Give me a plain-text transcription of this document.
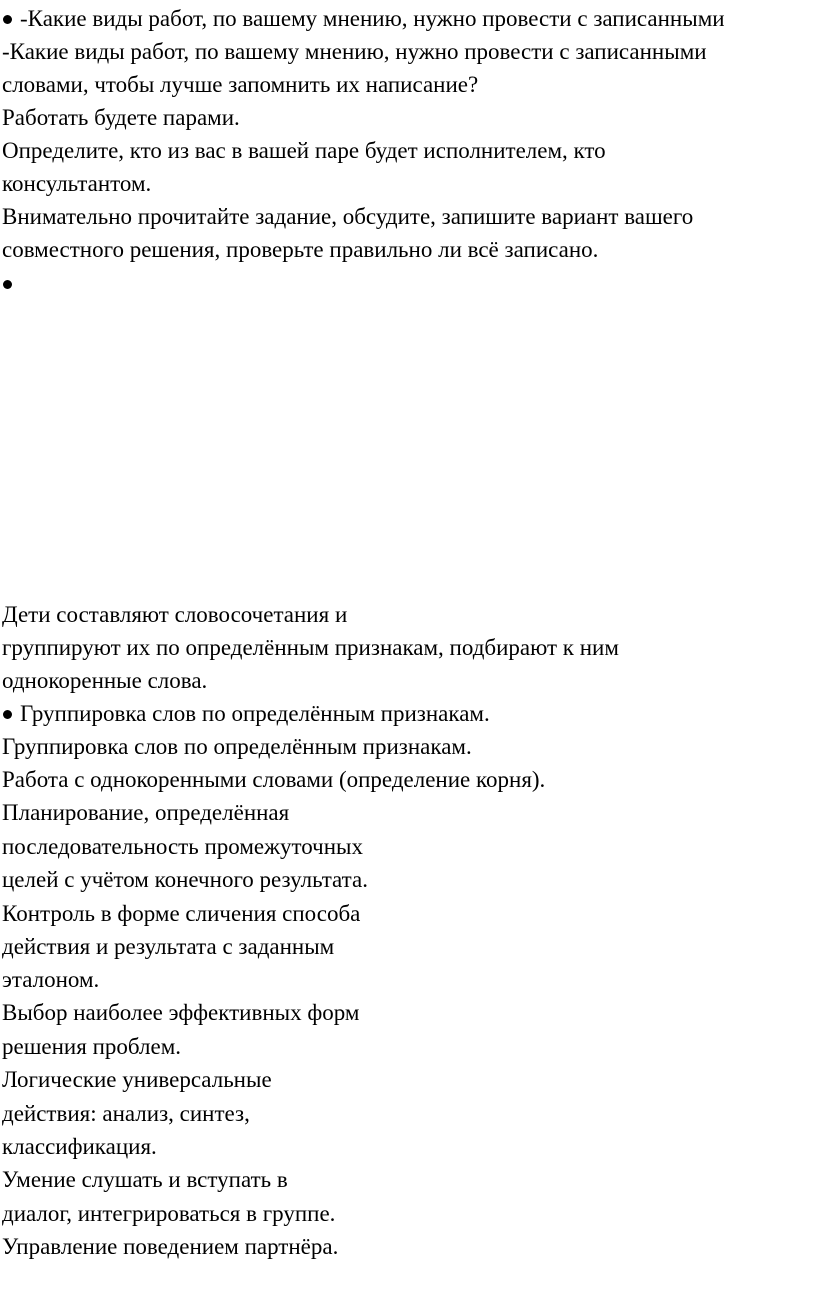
-Какие виды работ, по вашему мнению, нужно провести с записанными
-Какие виды работ, по вашему мнению, нужно провести с записанными
словами, чтобы лучше запомнить их написание?
Работать будете парами.
Определите, кто из вас в вашей паре будет исполнителем, кто
консультантом.
Внимательно прочитайте задание, обсудите, запишите вариант вашего
совместного решения, проверьте правильно ли всё записано.
Дети составляют словосочетания и
группируют их по определённым признакам, подбирают к ним
однокоренные слова.
Группировка слов по определённым признакам.
Группировка слов по определённым признакам.
Работа с однокоренными словами (определение корня).
Планирование, определённая
последовательность промежуточных
целей с учётом конечного результата.
Контроль в форме сличения способа
действия и результата с заданным
эталоном.
Выбор наиболее эффективных форм
решения проблем.
Логические универсальные
действия: анализ, синтез,
классификация.
Умение слушать и вступать в
диалог, интегрироваться в группе.
Управление поведением партнёра.
